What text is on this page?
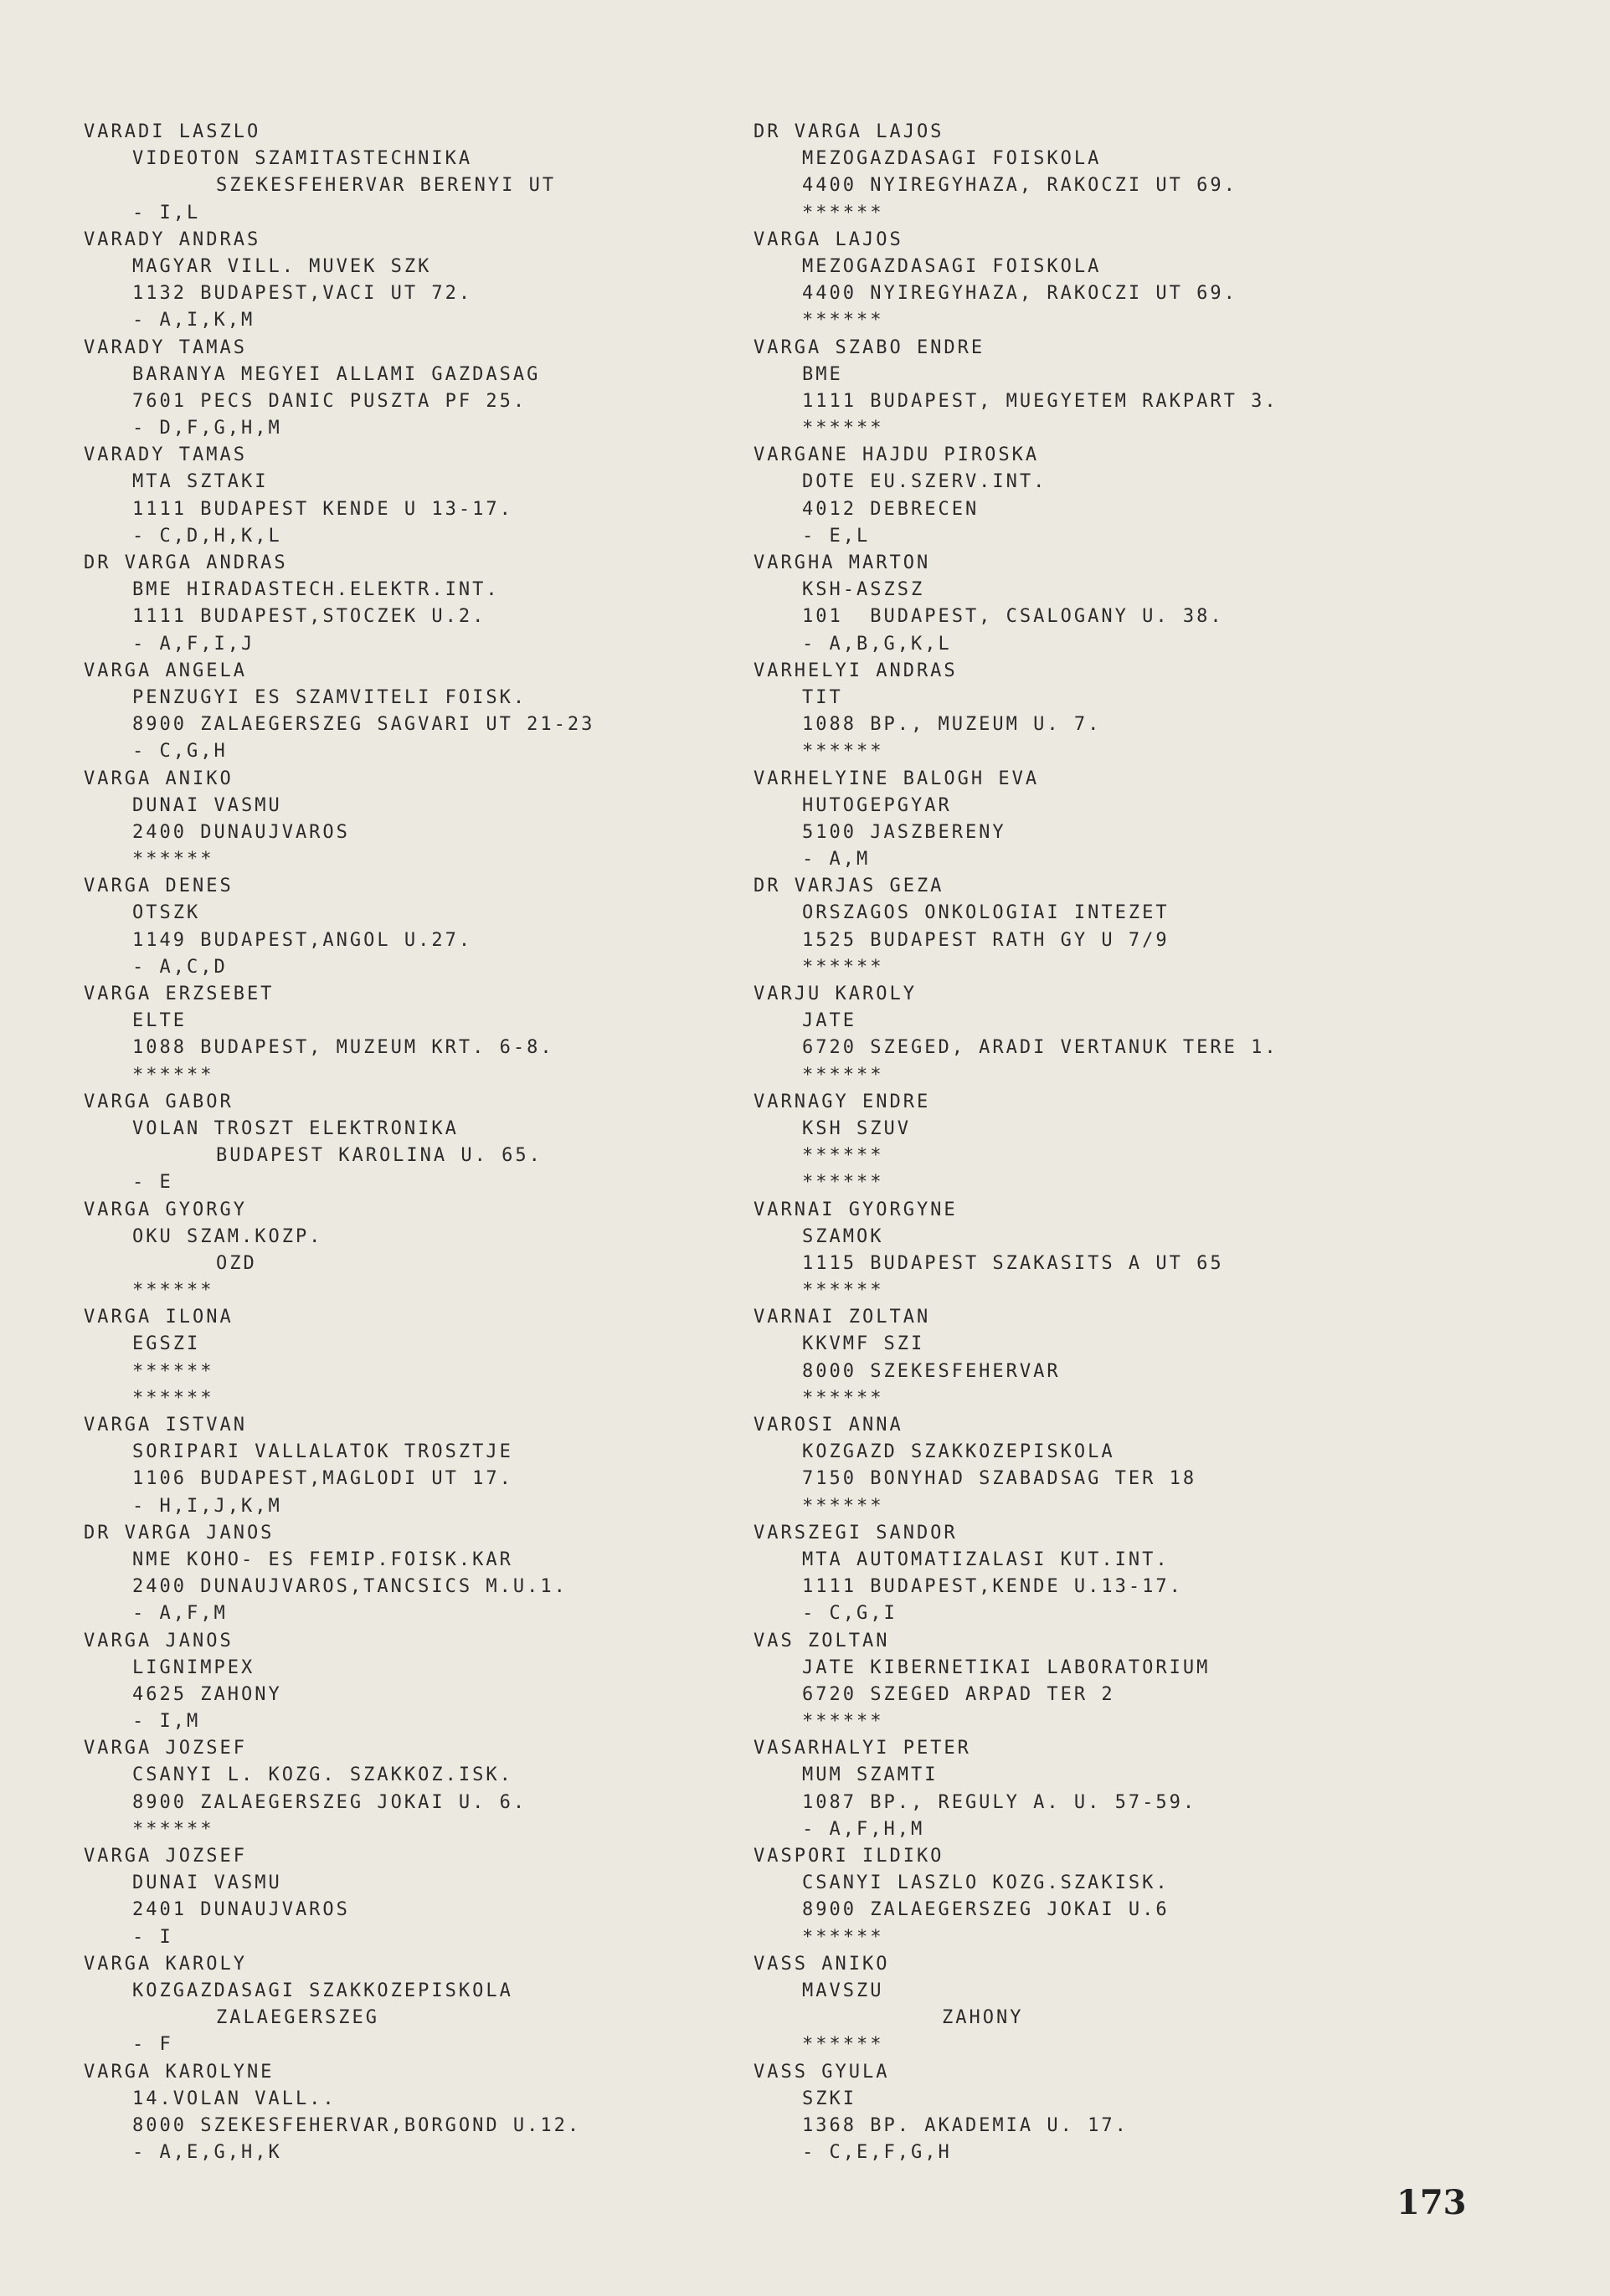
VARADI LASZLO
VIDEOTON SZAMITASTECHNIKA
SZEKESFEHERVAR BERENYI UT
- I,L
VARADY ANDRAS
MAGYAR VILL. MUVEK SZK
1132 BUDAPEST,VACI UT 72.
- A,I,K,M
VARADY TAMAS
BARANYA MEGYEI ALLAMI GAZDASAG
7601 PECS DANIC PUSZTA PF 25.
- D,F,G,H,M
VARADY TAMAS
MTA SZTAKI
1111 BUDAPEST KENDE U 13-17.
- C,D,H,K,L
DR VARGA ANDRAS
BME HIRADASTECH.ELEKTR.INT.
1111 BUDAPEST,STOCZEK U.2.
- A,F,I,J
VARGA ANGELA
PENZUGYI ES SZAMVITELI FOISK.
8900 ZALAEGERSZEG SAGVARI UT 21-23
- C,G,H
VARGA ANIKO
DUNAI VASMU
2400 DUNAUJVAROS
******
VARGA DENES
OTSZK
1149 BUDAPEST,ANGOL U.27.
- A,C,D
VARGA ERZSEBET
ELTE
1088 BUDAPEST, MUZEUM KRT. 6-8.
******
VARGA GABOR
VOLAN TROSZT ELEKTRONIKA
BUDAPEST KAROLINA U. 65.
- E
VARGA GYORGY
OKU SZAM.KOZP.
OZD
******
VARGA ILONA
EGSZI
******
******
VARGA ISTVAN
SORIPARI VALLALATOK TROSZTJE
1106 BUDAPEST,MAGLODI UT 17.
- H,I,J,K,M
DR VARGA JANOS
NME KOHO- ES FEMIP.FOISK.KAR
2400 DUNAUJVAROS,TANCSICS M.U.1.
- A,F,M
VARGA JANOS
LIGNIMPEX
4625 ZAHONY
- I,M
VARGA JOZSEF
CSANYI L. KOZG. SZAKKOZ.ISK.
8900 ZALAEGERSZEG JOKAI U. 6.
******
VARGA JOZSEF
DUNAI VASMU
2401 DUNAUJVAROS
- I
VARGA KAROLY
KOZGAZDASAGI SZAKKOZEPISKOLA
ZALAEGERSZEG
- F
VARGA KAROLYNE
14.VOLAN VALL..
8000 SZEKESFEHERVAR,BORGOND U.12.
- A,E,G,H,K
DR VARGA LAJOS
MEZOGAZDASAGI FOISKOLA
4400 NYIREGYHAZA, RAKOCZI UT 69.
******
VARGA LAJOS
MEZOGAZDASAGI FOISKOLA
4400 NYIREGYHAZA, RAKOCZI UT 69.
******
VARGA SZABO ENDRE
BME
1111 BUDAPEST, MUEGYETEM RAKPART 3.
******
VARGANE HAJDU PIROSKA
DOTE EU.SZERV.INT.
4012 DEBRECEN
- E,L
VARGHA MARTON
KSH-ASZSZ
101  BUDAPEST, CSALOGANY U. 38.
- A,B,G,K,L
VARHELYI ANDRAS
TIT
1088 BP., MUZEUM U. 7.
******
VARHELYINE BALOGH EVA
HUTOGEPGYAR
5100 JASZBERENY
- A,M
DR VARJAS GEZA
ORSZAGOS ONKOLOGIAI INTEZET
1525 BUDAPEST RATH GY U 7/9
******
VARJU KAROLY
JATE
6720 SZEGED, ARADI VERTANUK TERE 1.
******
VARNAGY ENDRE
KSH SZUV
******
******
VARNAI GYORGYNE
SZAMOK
1115 BUDAPEST SZAKASITS A UT 65
******
VARNAI ZOLTAN
KKVMF SZI
8000 SZEKESFEHERVAR
******
VAROSI ANNA
KOZGAZD SZAKKOZEPISKOLA
7150 BONYHAD SZABADSAG TER 18
******
VARSZEGI SANDOR
MTA AUTOMATIZALASI KUT.INT.
1111 BUDAPEST,KENDE U.13-17.
- C,G,I
VAS ZOLTAN
JATE KIBERNETIKAI LABORATORIUM
6720 SZEGED ARPAD TER 2
******
VASARHALYI PETER
MUM SZAMTI
1087 BP., REGULY A. U. 57-59.
- A,F,H,M
VASPORI ILDIKO
CSANYI LASZLO KOZG.SZAKISK.
8900 ZALAEGERSZEG JOKAI U.6
******
VASS ANIKO
MAVSZU
ZAHONY
******
VASS GYULA
SZKI
1368 BP. AKADEMIA U. 17.
- C,E,F,G,H
173
